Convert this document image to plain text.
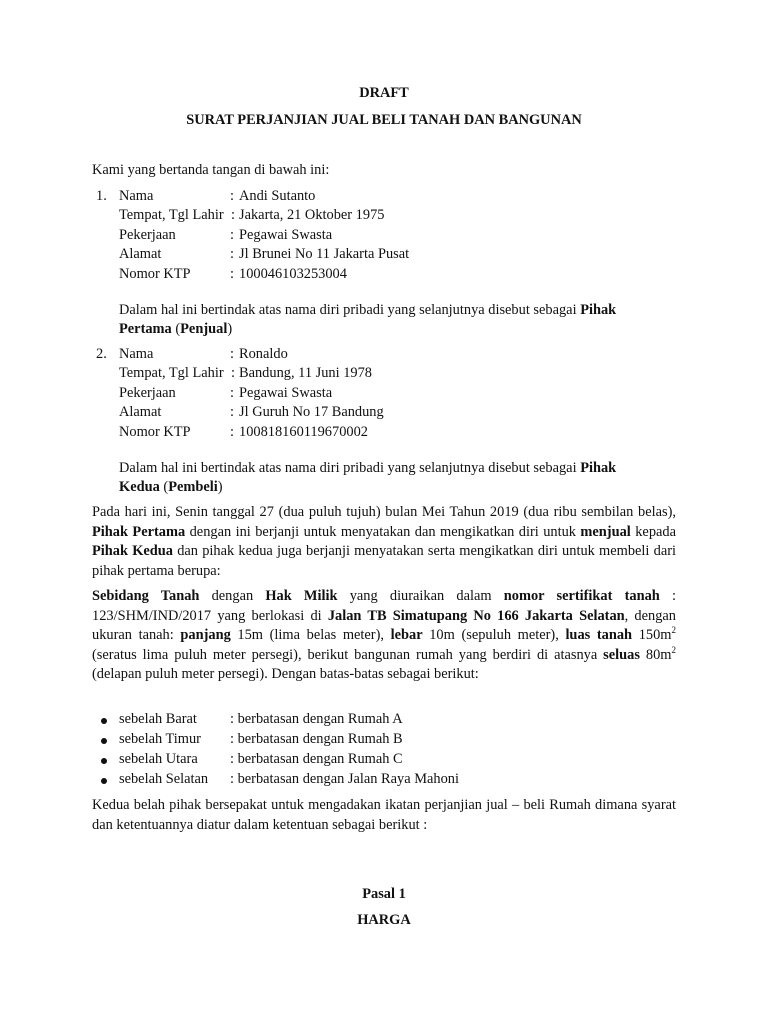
DRAFT
SURAT PERJANJIAN JUAL BELI TANAH DAN BANGUNAN
Kami yang bertanda tangan di bawah ini:
1. Nama	: Andi Sutanto
Tempat, Tgl Lahir : Jakarta, 21 Oktober 1975
Pekerjaan	: Pegawai Swasta
Alamat	: Jl Brunei No 11 Jakarta Pusat
Nomor KTP	: 100046103253004
Dalam hal ini bertindak atas nama diri pribadi yang selanjutnya disebut sebagai Pihak
Pertama (Penjual)
2. Nama	: Ronaldo
Tempat, Tgl Lahir : Bandung, 11 Juni 1978
Pekerjaan	: Pegawai Swasta
Alamat	: Jl Guruh No 17 Bandung
Nomor KTP	: 100818160119670002
Dalam hal ini bertindak atas nama diri pribadi yang selanjutnya disebut sebagai Pihak
Kedua (Pembeli)
Pada hari ini, Senin tanggal 27 (dua puluh tujuh) bulan Mei Tahun 2019 (dua ribu sembilan belas), Pihak Pertama dengan ini berjanji untuk menyatakan dan mengikatkan diri untuk menjual kepada Pihak Kedua dan pihak kedua juga berjanji menyatakan serta mengikatkan diri untuk membeli dari pihak pertama berupa:
Sebidang Tanah dengan Hak Milik yang diuraikan dalam nomor sertifikat tanah : 123/SHM/IND/2017 yang berlokasi di Jalan TB Simatupang No 166 Jakarta Selatan, dengan ukuran tanah: panjang 15m (lima belas meter), lebar 10m (sepuluh meter), luas tanah $150m^2$ (seratus lima puluh meter persegi), berikut bangunan rumah yang berdiri di atasnya seluas $80m^2$ (delapan puluh meter persegi). Dengan batas-batas sebagai berikut:
sebelah Barat : berbatasan dengan Rumah A
sebelah Timur : berbatasan dengan Rumah B
sebelah Utara : berbatasan dengan Rumah C
sebelah Selatan : berbatasan dengan Jalan Raya Mahoni
Kedua belah pihak bersepakat untuk mengadakan ikatan perjanjian jual – beli Rumah dimana syarat dan ketentuannya diatur dalam ketentuan sebagai berikut :
Pasal 1
HARGA
